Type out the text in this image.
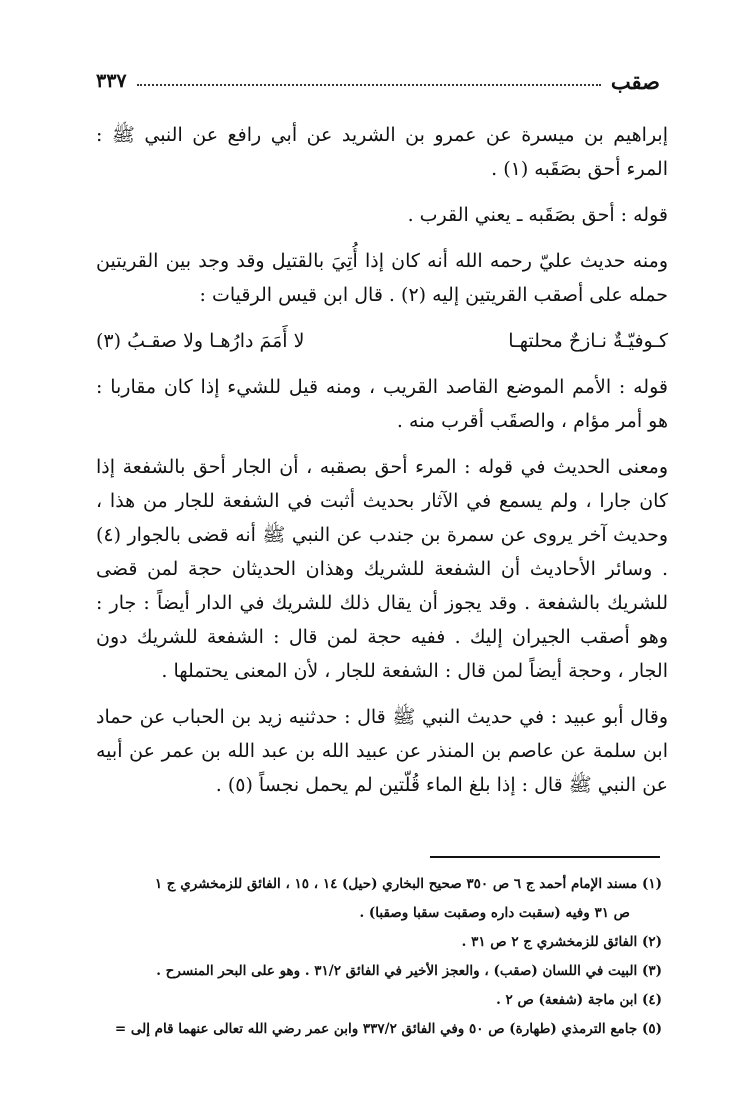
صقب
٣٣٧

إبراهيم بن ميسرة عن عمرو بن الشريد عن أبي رافع عن النبي ﷺ : المرء أحق بصَقَبه (١) .

قوله : أحق بصَقَبه ـ يعني القرب .

ومنه حديث عليّ رحمه الله أنه كان إذا أُتِيَ بالقتيل وقد وجد بين القريتين حمله على أصقب القريتين إليه (٢) . قال ابن قيس الرقيات :

كـوفيّـةٌ نـازحٌ محلتهـا
لا أَمَمَ دارُهـا ولا صقـبُ (٣)

قوله : الأمم الموضع القاصد القريب ، ومنه قيل للشيء إذا كان مقاربا : هو أمر مؤام ، والصقَب أقرب منه .

ومعنى الحديث في قوله : المرء أحق بصقبه ، أن الجار أحق بالشفعة إذا كان جارا ، ولم يسمع في الآثار بحديث أثبت في الشفعة للجار من هذا ، وحديث آخر يروى عن سمرة بن جندب عن النبي ﷺ أنه قضى بالجوار (٤) . وسائر الأحاديث أن الشفعة للشريك وهذان الحديثان حجة لمن قضى للشريك بالشفعة . وقد يجوز أن يقال ذلك للشريك في الدار أيضاً : جار : وهو أصقب الجيران إليك . ففيه حجة لمن قال : الشفعة للشريك دون الجار ، وحجة أيضاً لمن قال : الشفعة للجار ، لأن المعنى يحتملها .

وقال أبو عبيد : في حديث النبي ﷺ قال : حدثنيه زيد بن الحباب عن حماد ابن سلمة عن عاصم بن المنذر عن عبيد الله بن عبد الله بن عمر عن أبيه عن النبي ﷺ قال : إذا بلغ الماء قُلّتين لم يحمل نجساً (٥) .

(١) مسند الإمام أحمد ج ٦ ص ٣٥٠ صحيح البخاري (حيل) ١٤ ، ١٥ ، الفائق للزمخشري ج ١
ص ٣١ وفيه (سقبت داره وصقبت سقبا وصقبا) .
(٢) الفائق للزمخشري ج ٢ ص ٣١ .
(٣) البيت في اللسان (صقب) ، والعجز الأخير في الفائق ٣١/٢ . وهو على البحر المنسرح .
(٤) ابن ماجة (شفعة) ص ٢ .
(٥) جامع الترمذي (طهارة) ص ٥٠ وفي الفائق ٣٣٧/٢ وابن عمر رضي الله تعالى عنهما قام إلى =
